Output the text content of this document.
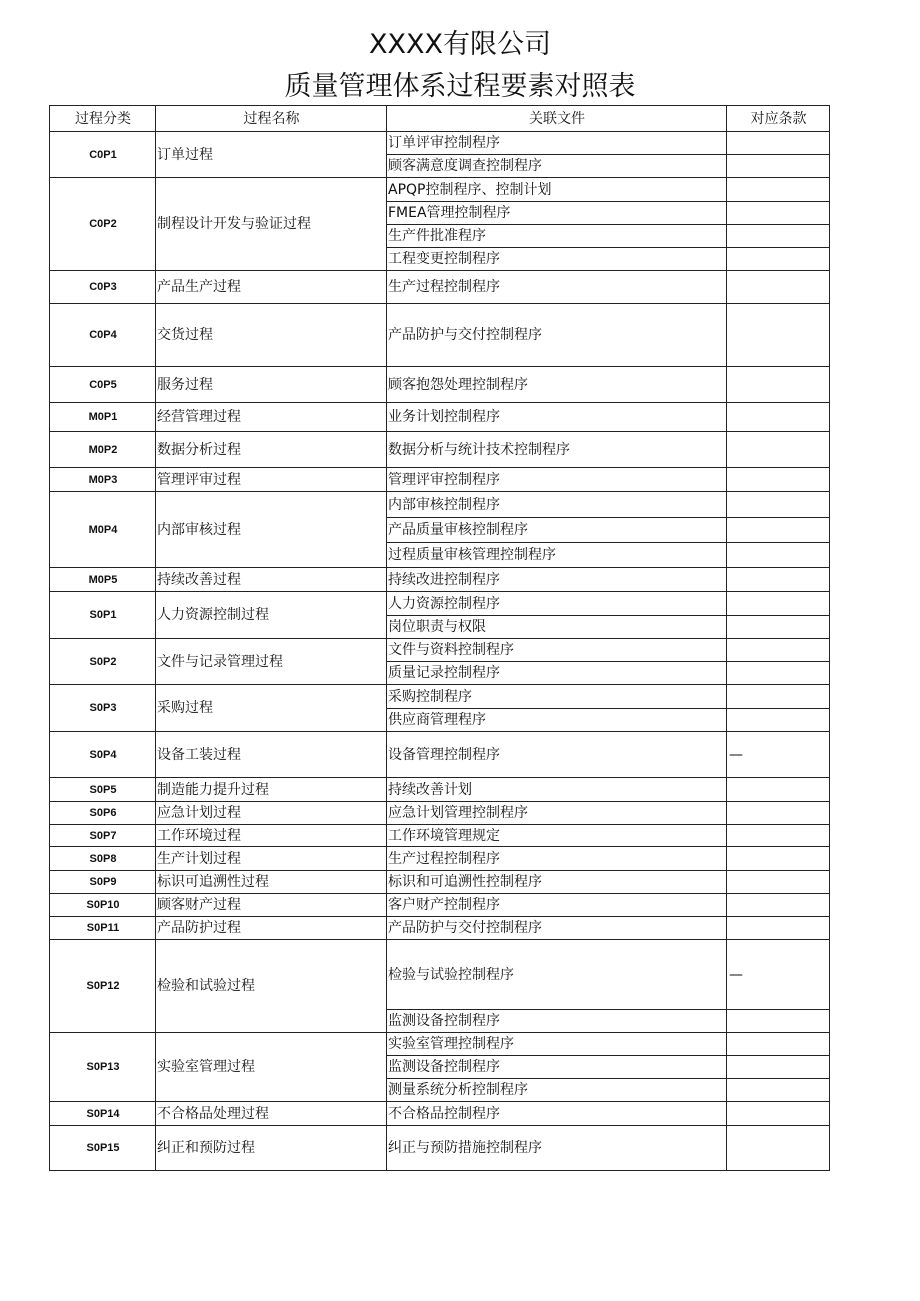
XXXX有限公司
质量管理体系过程要素对照表
过程分类	过程名称	关联文件	对应条款
C0P1	订单过程	订单评审控制程序	
		顾客满意度调查控制程序	
C0P2	制程设计开发与验证过程	APQP控制程序、控制计划	
		FMEA管理控制程序	
		生产件批准程序	
		工程变更控制程序	
C0P3	产品生产过程	生产过程控制程序	
C0P4	交货过程	产品防护与交付控制程序	
C0P5	服务过程	顾客抱怨处理控制程序	
M0P1	经营管理过程	业务计划控制程序	
M0P2	数据分析过程	数据分析与统计技术控制程序	
M0P3	管理评审过程	管理评审控制程序	
M0P4	内部审核过程	内部审核控制程序	
		产品质量审核控制程序	
		过程质量审核管理控制程序	
M0P5	持续改善过程	持续改进控制程序	
S0P1	人力资源控制过程	人力资源控制程序	
		岗位职责与权限	
S0P2	文件与记录管理过程	文件与资料控制程序	
		质量记录控制程序	
S0P3	采购过程	采购控制程序	
		供应商管理程序	
S0P4	设备工装过程	设备管理控制程序	—
S0P5	制造能力提升过程	持续改善计划	
S0P6	应急计划过程	应急计划管理控制程序	
S0P7	工作环境过程	工作环境管理规定	
S0P8	生产计划过程	生产过程控制程序	
S0P9	标识可追溯性过程	标识和可追溯性控制程序	
S0P10	顾客财产过程	客户财产控制程序	
S0P11	产品防护过程	产品防护与交付控制程序	
S0P12	检验和试验过程	检验与试验控制程序	—
		监测设备控制程序	
S0P13	实验室管理过程	实验室管理控制程序	
		监测设备控制程序	
		测量系统分析控制程序	
S0P14	不合格品处理过程	不合格品控制程序	
S0P15	纠正和预防过程	纠正与预防措施控制程序	
